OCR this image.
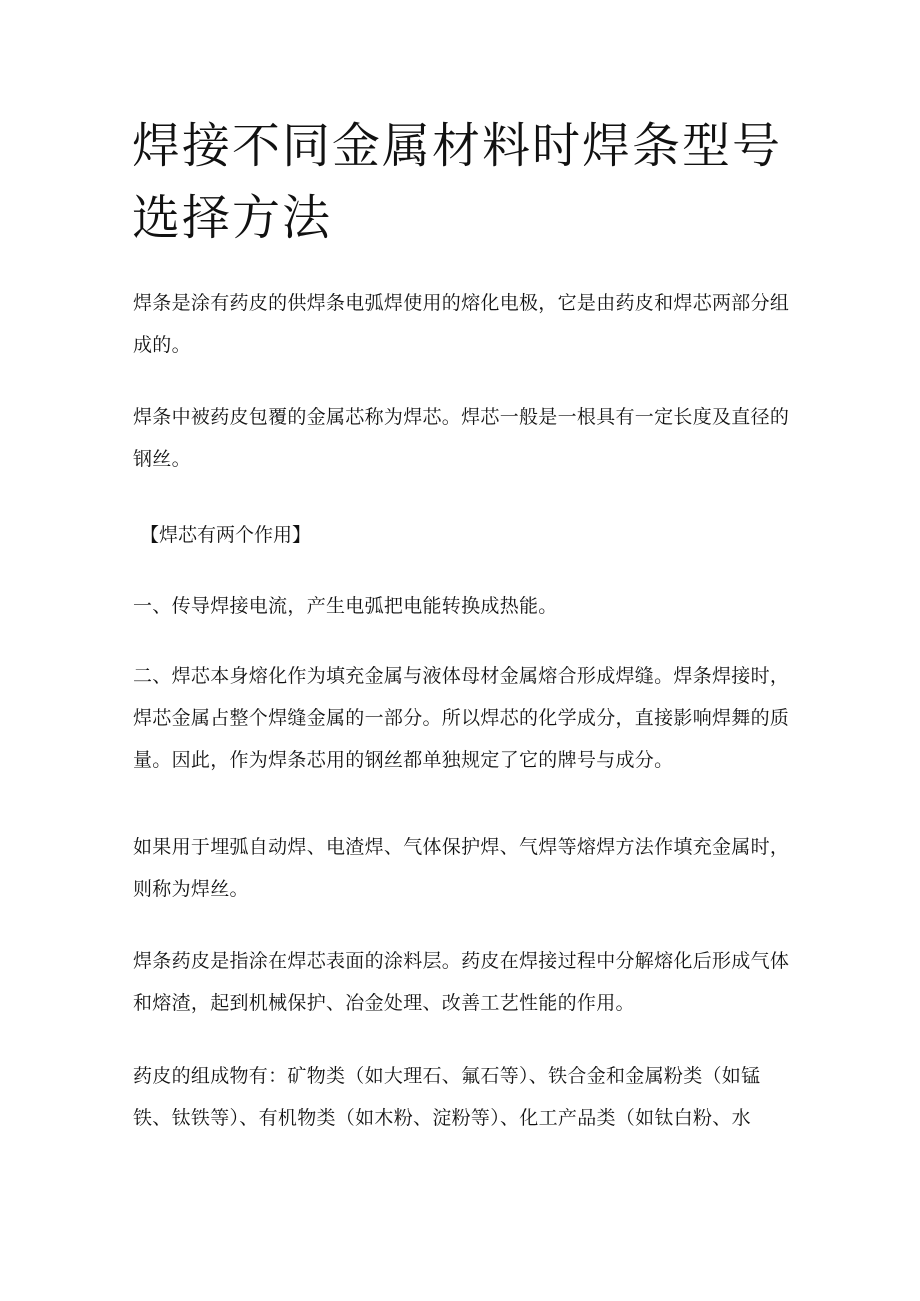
焊接不同金属材料时焊条型号选择方法

焊条是涂有药皮的供焊条电弧焊使用的熔化电极，它是由药皮和焊芯两部分组成的。

焊条中被药皮包覆的金属芯称为焊芯。焊芯一般是一根具有一定长度及直径的钢丝。

【焊芯有两个作用】

一、传导焊接电流，产生电弧把电能转换成热能。

二、焊芯本身熔化作为填充金属与液体母材金属熔合形成焊缝。焊条焊接时，焊芯金属占整个焊缝金属的一部分。所以焊芯的化学成分，直接影响焊舞的质量。因此，作为焊条芯用的钢丝都单独规定了它的牌号与成分。

如果用于埋弧自动焊、电渣焊、气体保护焊、气焊等熔焊方法作填充金属时，则称为焊丝。

焊条药皮是指涂在焊芯表面的涂料层。药皮在焊接过程中分解熔化后形成气体和熔渣，起到机械保护、冶金处理、改善工艺性能的作用。

药皮的组成物有：矿物类（如大理石、氟石等）、铁合金和金属粉类（如锰铁、钛铁等）、有机物类（如木粉、淀粉等）、化工产品类（如钛白粉、水
